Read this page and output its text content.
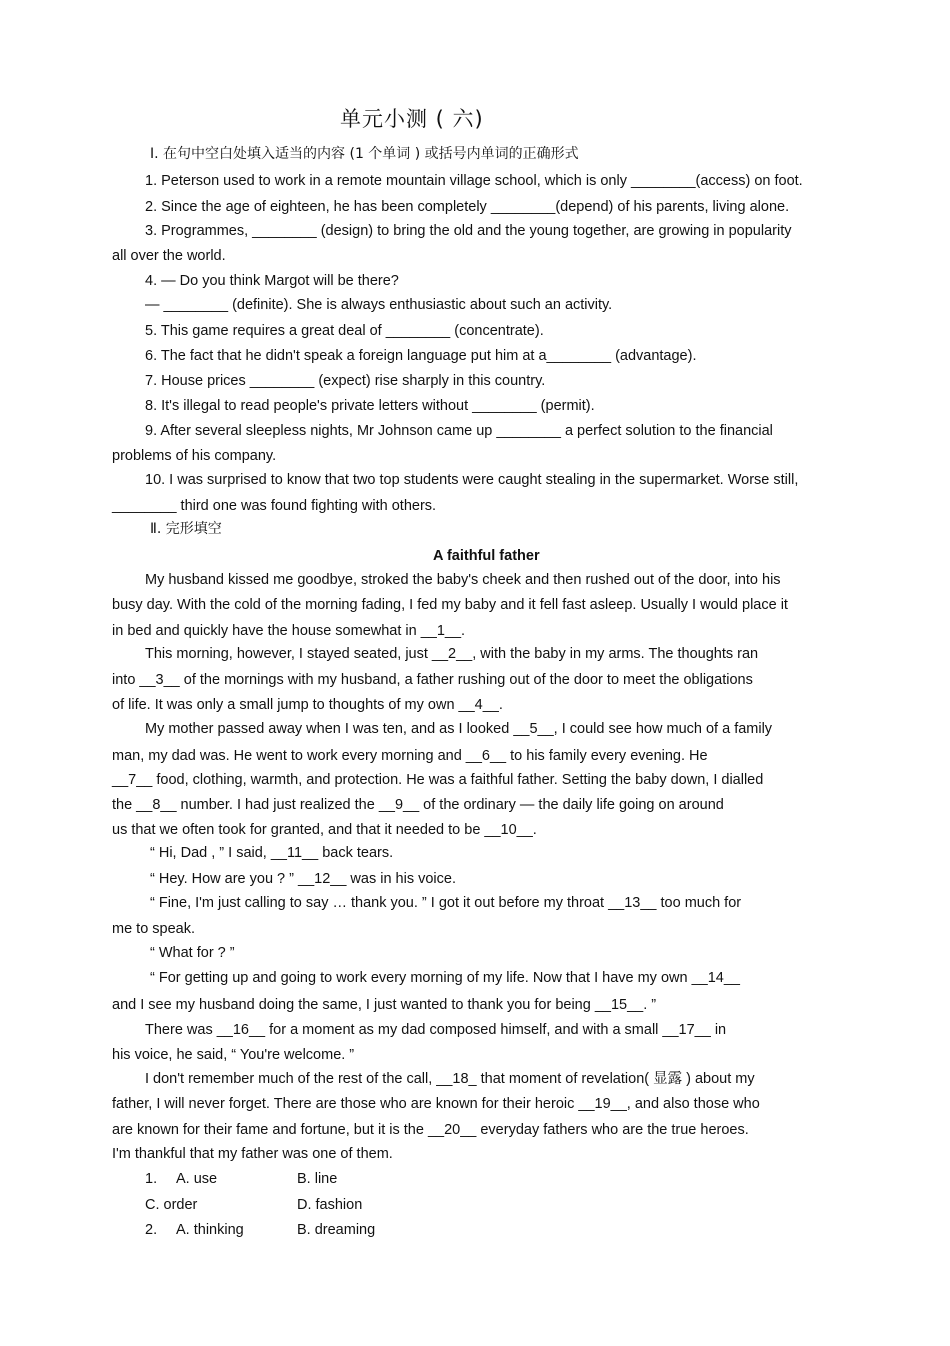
单元小测 ( 六)
Ⅰ. 在句中空白处填入适当的内容 (1 个单词 ) 或括号内单词的正确形式
1. Peterson used to work in a remote mountain village school, which is only ________(access) on foot.
2. Since the age of eighteen, he has been completely ________(depend) of his parents, living alone.
3. Programmes, ________ (design) to bring the old and the young together, are growing in popularity
all over the world.
4. — Do you think Margot will be there?
— ________ (definite). She is always enthusiastic about such an activity.
5. This game requires a great deal of ________ (concentrate).
6. The fact that he didn't speak a foreign language put him at a________ (advantage).
7. House prices ________ (expect) rise sharply in this country.
8. It's illegal to read people's private letters without ________ (permit).
9. After several sleepless nights, Mr Johnson came up ________ a perfect solution to the financial
problems of his company.
10. I was surprised to know that two top students were caught stealing in the supermarket. Worse still,
________ third one was found fighting with others.
Ⅱ. 完形填空
A faithful father
My husband kissed me goodbye, stroked the baby's cheek and then rushed out of the door, into his
busy day. With the cold of the morning fading, I fed my baby and it fell fast asleep. Usually I would place it
in bed and quickly have the house somewhat in __1__.
This morning, however, I stayed seated, just __2__, with the baby in my arms. The thoughts ran
into __3__ of the mornings with my husband, a father rushing out of the door to meet the obligations
of life. It was only a small jump to thoughts of my own __4__.
My mother passed away when I was ten, and as I looked __5__, I could see how much of a family
man, my dad was. He went to work every morning and __6__ to his family every evening. He
__7__ food, clothing, warmth, and protection. He was a faithful father. Setting the baby down, I dialled
the __8__ number. I had just realized the __9__ of the ordinary — the daily life going on around
us that we often took for granted, and that it needed to be __10__.
“ Hi, Dad , ” I said, __11__ back tears.
“ Hey. How are you ? ” __12__ was in his voice.
“ Fine, I'm just calling to say … thank you. ” I got it out before my throat __13__ too much for
me to speak.
“ What for ? ”
“ For getting up and going to work every morning of my life. Now that I have my own __14__
and I see my husband doing the same, I just wanted to thank you for being __15__. ”
There was __16__ for a moment as my dad composed himself, and with a small __17__ in
his voice, he said, “ You're welcome. ”
I don't remember much of the rest of the call, __18_ that moment of revelation( 显露 ) about my
father, I will never forget. There are those who are known for their heroic __19__, and also those who
are known for their fame and fortune, but it is the __20__ everyday fathers who are the true heroes.
I'm thankful that my father was one of them.
1. A. use	B. line
C. order	D. fashion
2. A. thinking	B. dreaming
